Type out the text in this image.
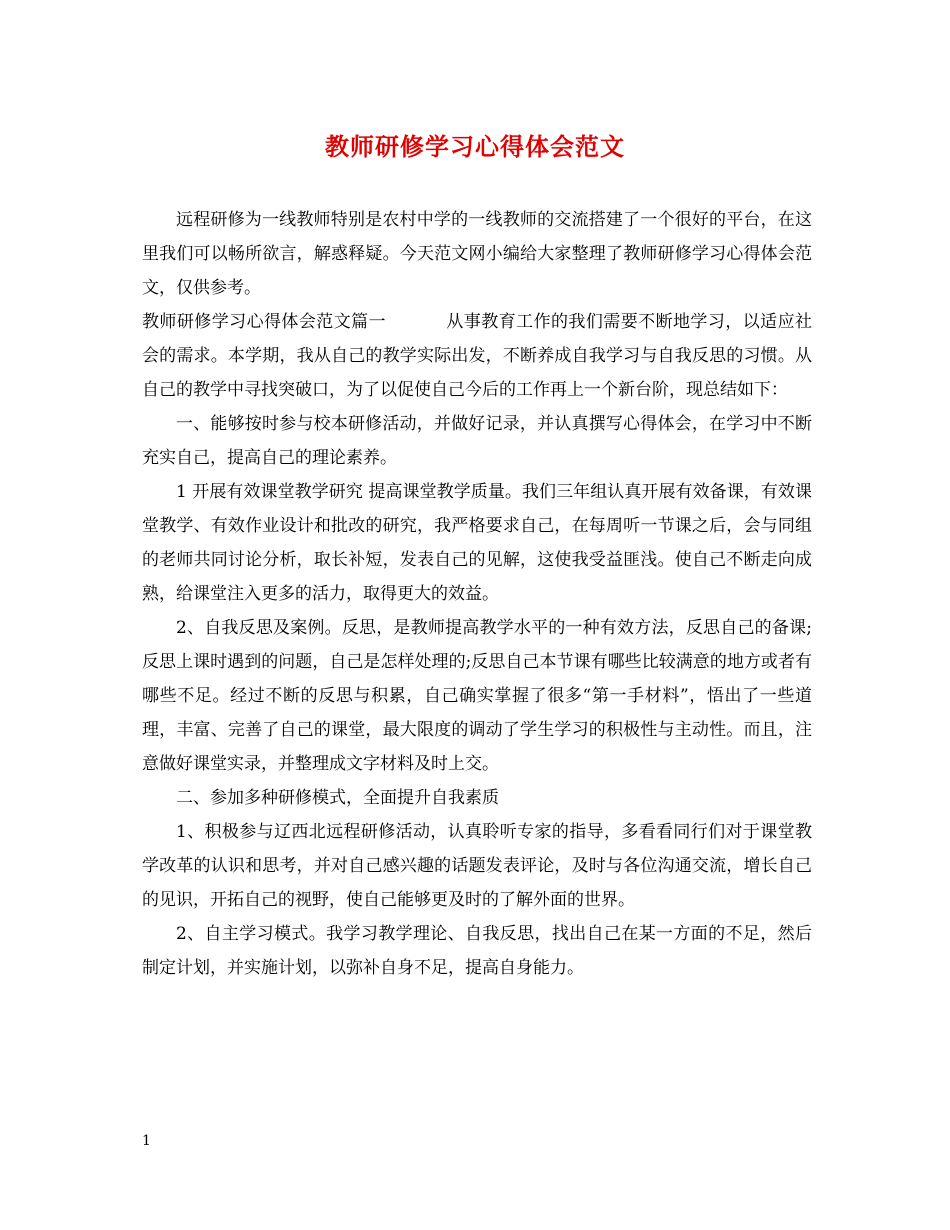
教师研修学习心得体会范文

远程研修为一线教师特别是农村中学的一线教师的交流搭建了一个很好的平台，在这里我们可以畅所欲言，解惑释疑。今天范文网小编给大家整理了教师研修学习心得体会范文，仅供参考。

教师研修学习心得体会范文篇一	从事教育工作的我们需要不断地学习，以适应社会的需求。本学期，我从自己的教学实际出发，不断养成自我学习与自我反思的习惯。从自己的教学中寻找突破口，为了以促使自己今后的工作再上一个新台阶，现总结如下：

一、能够按时参与校本研修活动，并做好记录，并认真撰写心得体会，在学习中不断充实自己，提高自己的理论素养。

1 开展有效课堂教学研究 提高课堂教学质量。我们三年组认真开展有效备课，有效课堂教学、有效作业设计和批改的研究，我严格要求自己，在每周听一节课之后，会与同组的老师共同讨论分析，取长补短，发表自己的见解，这使我受益匪浅。使自己不断走向成熟，给课堂注入更多的活力，取得更大的效益。

2、自我反思及案例。反思，是教师提高教学水平的一种有效方法，反思自己的备课;反思上课时遇到的问题，自己是怎样处理的;反思自己本节课有哪些比较满意的地方或者有哪些不足。经过不断的反思与积累，自己确实掌握了很多“第一手材料”，悟出了一些道理，丰富、完善了自己的课堂，最大限度的调动了学生学习的积极性与主动性。而且，注意做好课堂实录，并整理成文字材料及时上交。

二、参加多种研修模式，全面提升自我素质

1、积极参与辽西北远程研修活动，认真聆听专家的指导，多看看同行们对于课堂教学改革的认识和思考，并对自己感兴趣的话题发表评论，及时与各位沟通交流，增长自己的见识，开拓自己的视野，使自己能够更及时的了解外面的世界。

2、自主学习模式。我学习教学理论、自我反思，找出自己在某一方面的不足，然后制定计划，并实施计划，以弥补自身不足，提高自身能力。

1
